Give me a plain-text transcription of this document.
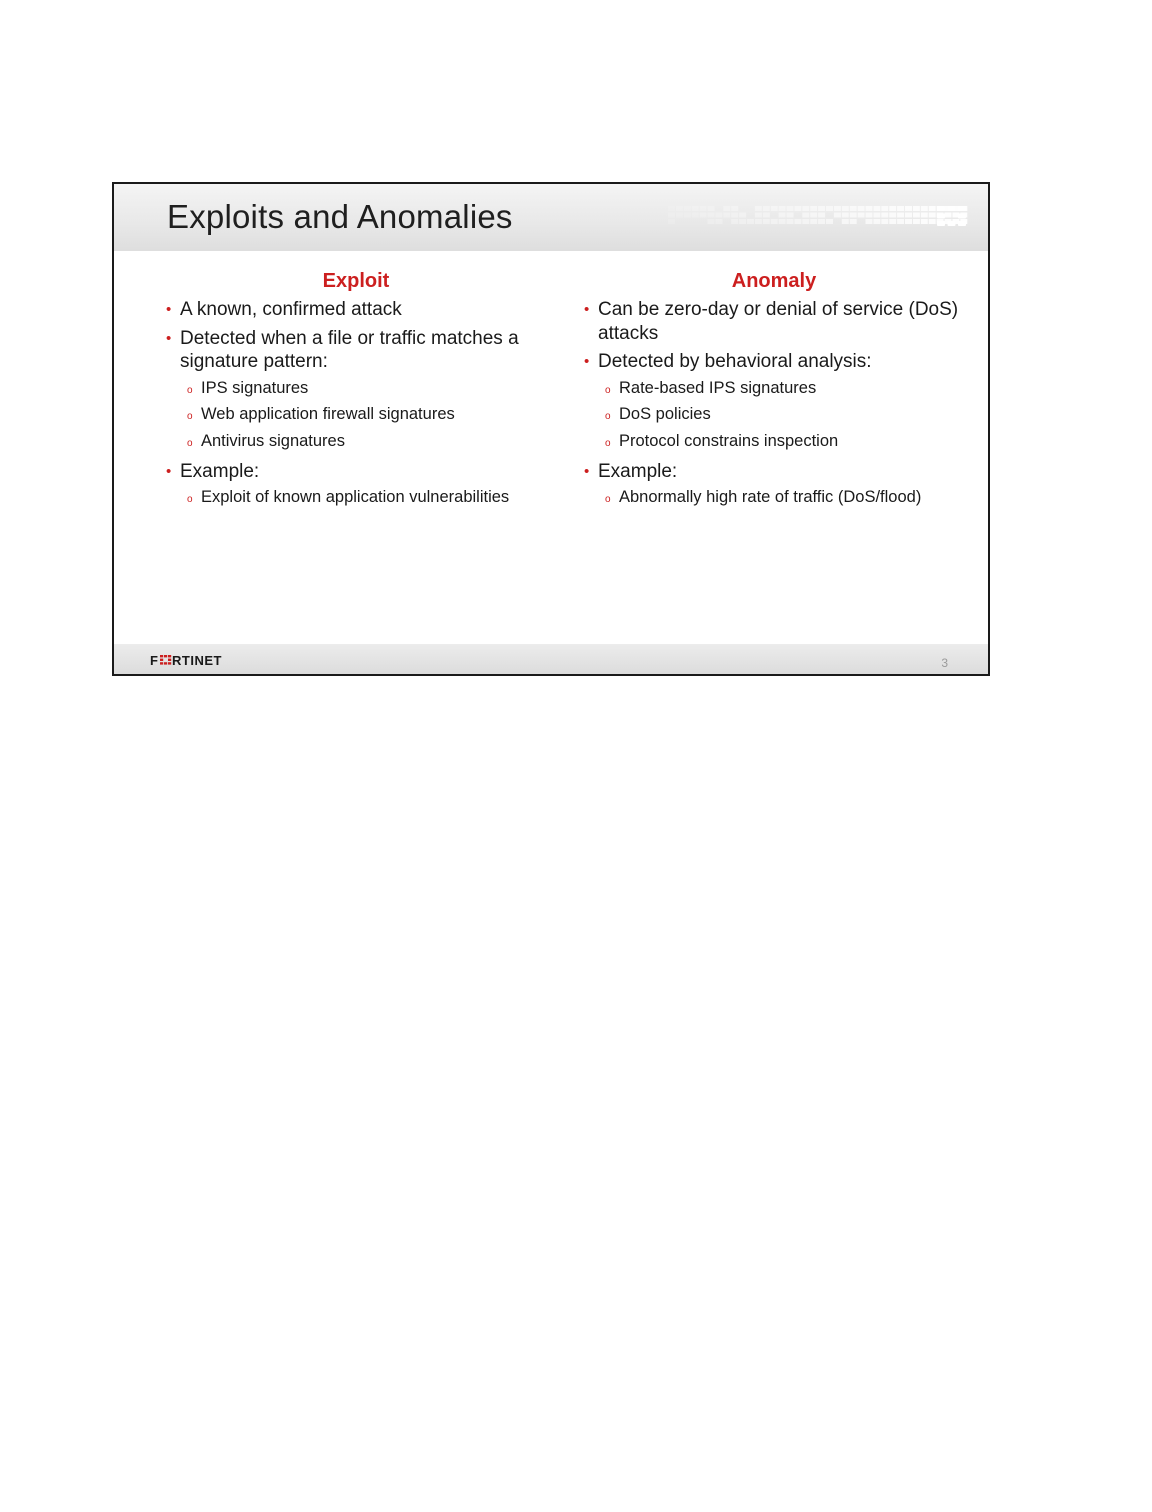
Exploits and Anomalies
Exploit
• A known, confirmed attack
• Detected when a file or traffic matches a signature pattern:
o IPS signatures
o Web application firewall signatures
o Antivirus signatures
• Example:
o Exploit of known application vulnerabilities
Anomaly
• Can be zero-day or denial of service (DoS) attacks
• Detected by behavioral analysis:
o Rate-based IPS signatures
o DoS policies
o Protocol constrains inspection
• Example:
o Abnormally high rate of traffic (DoS/flood)
F RTINET	3
